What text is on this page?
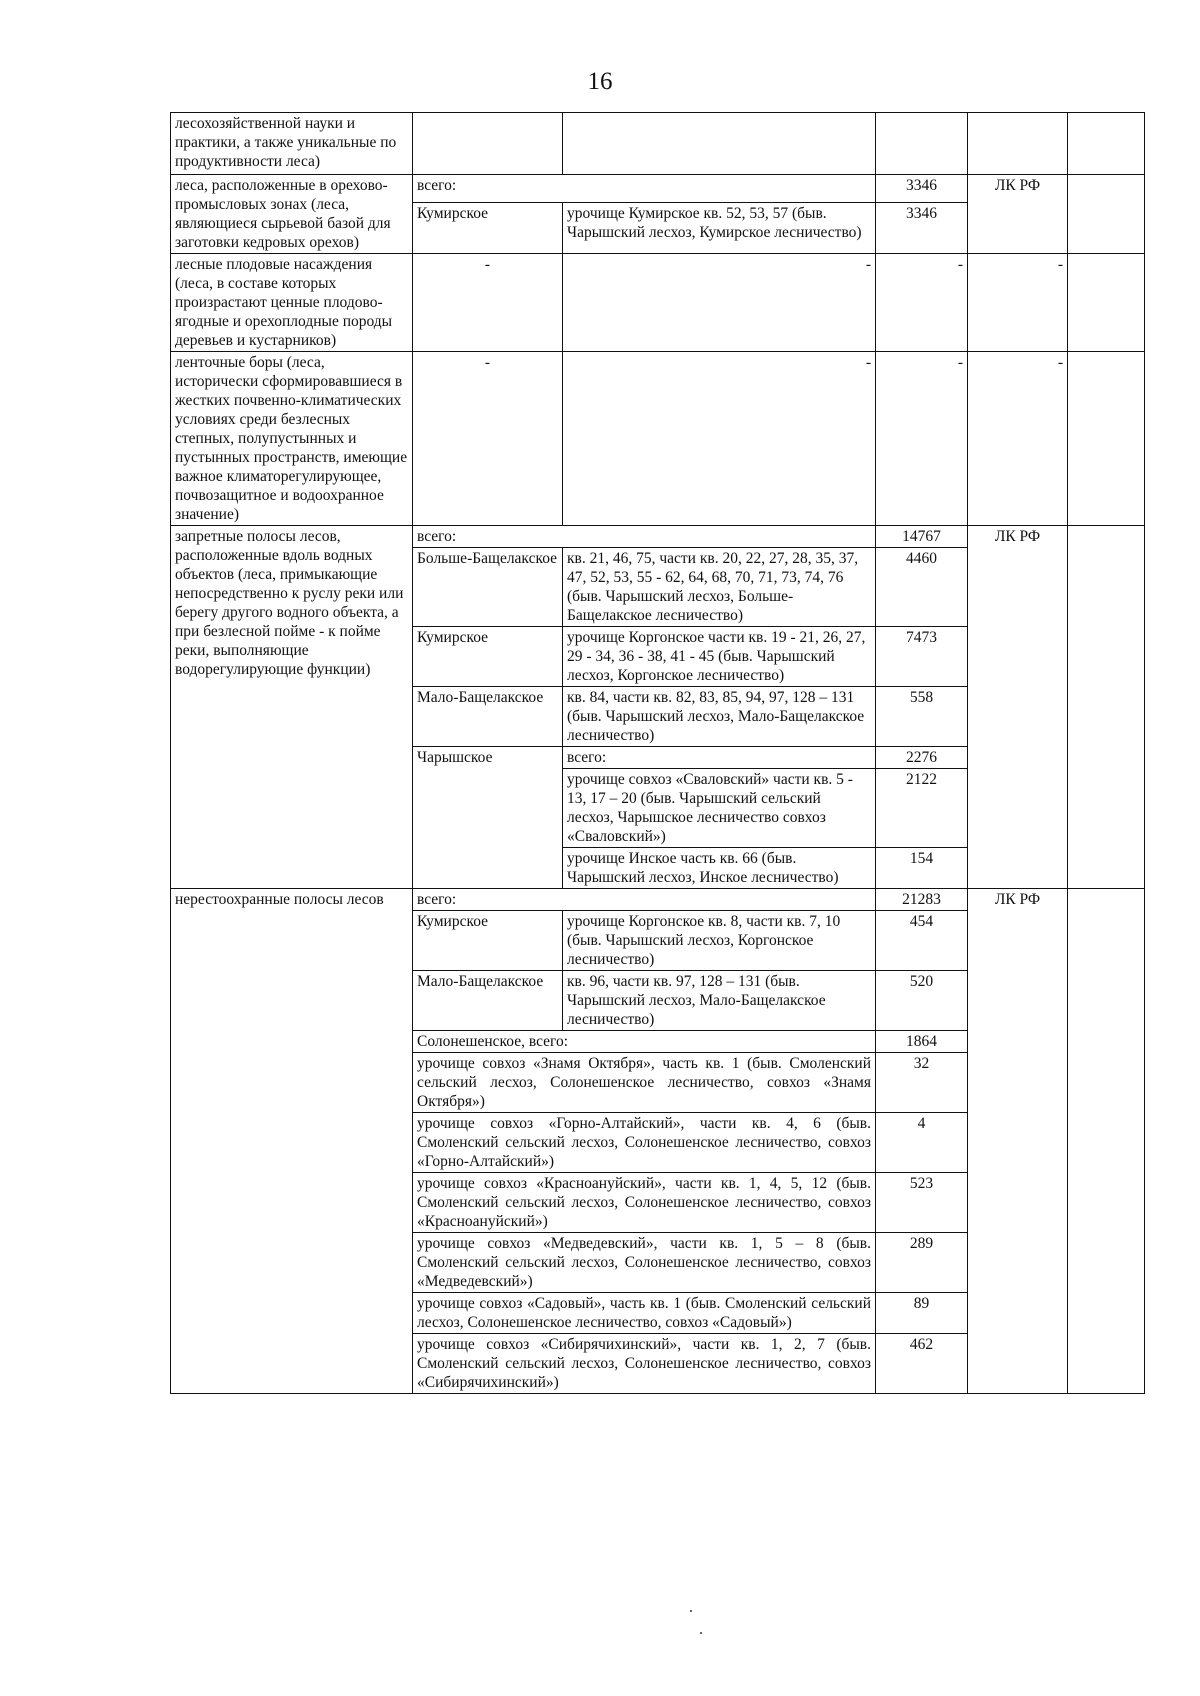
16
лесохозяйственной науки и практики, а также уникальные по продуктивности леса)					
леса, расположенные в орехово-промысловых зонах (леса, являющиеся сырьевой базой для заготовки кедровых орехов)	всего:		3346	ЛК РФ	
	Кумирское	урочище Кумирское кв. 52, 53, 57 (быв. Чарышский лесхоз, Кумирское лесничество)	3346		
лесные плодовые насаждения (леса, в составе которых произрастают ценные плодово-ягодные и орехоплодные породы деревьев и кустарников)	-	-	-	-	
ленточные боры (леса, исторически сформировавшиеся в жестких почвенно-климатических условиях среди безлесных степных, полупустынных и пустынных пространств, имеющие важное климаторегулирующее, почвозащитное и водоохранное значение)	-	-	-	-	
запретные полосы лесов, расположенные вдоль водных объектов (леса, примыкающие непосредственно к руслу реки или берегу другого водного объекта, а при безлесной пойме - к пойме реки, выполняющие водорегулирующие функции)	всего:		14767	ЛК РФ	
	Больше-Бащелакское	кв. 21, 46, 75, части кв. 20, 22, 27, 28, 35, 37, 47, 52, 53, 55 - 62, 64, 68, 70, 71, 73, 74, 76 (быв. Чарышский лесхоз, Больше-Бащелакское лесничество)	4460		
	Кумирское	урочище Коргонское части кв. 19 - 21, 26, 27, 29 - 34, 36 - 38, 41 - 45 (быв. Чарышский лесхоз, Коргонское лесничество)	7473		
	Мало-Бащелакское	кв. 84, части кв. 82, 83, 85, 94, 97, 128 – 131 (быв. Чарышский лесхоз, Мало-Бащелакское лесничество)	558		
	Чарышское	всего:	2276		
		урочище совхоз «Сваловский» части кв. 5 - 13, 17 – 20 (быв. Чарышский сельский лесхоз, Чарышское лесничество совхоз «Сваловский»)	2122		
		урочище Инское часть кв. 66 (быв. Чарышский лесхоз, Инское лесничество)	154		
нерестоохранные полосы лесов	всего:		21283	ЛК РФ	
	Кумирское	урочище Коргонское кв. 8, части кв. 7, 10 (быв. Чарышский лесхоз, Коргонское лесничество)	454		
	Мало-Бащелакское	кв. 96, части кв. 97, 128 – 131 (быв. Чарышский лесхоз, Мало-Бащелакское лесничество)	520		
	Солонешенское, всего:		1864		
	урочище совхоз «Знамя Октября», часть кв. 1 (быв. Смоленский сельский лесхоз, Солонешенское лесничество, совхоз «Знамя Октября»)		32		
	урочище совхоз «Горно-Алтайский», части кв. 4, 6 (быв. Смоленский сельский лесхоз, Солонешенское лесничество, совхоз «Горно-Алтайский»)		4		
	урочище совхоз «Красноануйский», части кв. 1, 4, 5, 12 (быв. Смоленский сельский лесхоз, Солонешенское лесничество, совхоз «Красноануйский»)		523		
	урочище совхоз «Медведевский», части кв. 1, 5 – 8 (быв. Смоленский сельский лесхоз, Солонешенское лесничество, совхоз «Медведевский»)		289		
	урочище совхоз «Садовый», часть кв. 1 (быв. Смоленский сельский лесхоз, Солонешенское лесничество, совхоз «Садовый»)		89		
	урочище совхоз «Сибирячихинский», части кв. 1, 2, 7 (быв. Смоленский сельский лесхоз, Солонешенское лесничество, совхоз «Сибирячихинский»)		462		
